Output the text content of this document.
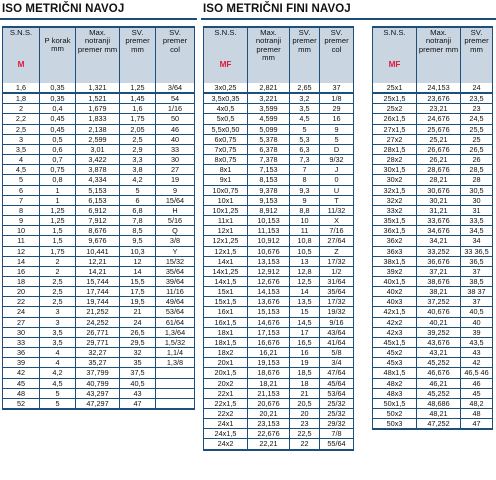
ISO METRIČNI NAVOJ
S.N.S.
M	P korak mm	Max. notranji premer mm	SV. premer mm	SV. premer col
1,6	0,35	1,321	1,25	3/64
1,8	0,35	1,521	1,45	54
2	0,4	1,679	1,6	1/16
2,2	0,45	1,833	1,75	50
2,5	0,45	2,138	2,05	46
3	0,5	2,599	2,5	40
3,5	0,6	3,01	2,9	33
4	0,7	3,422	3,3	30
4,5	0,75	3,878	3,8	27
5	0,8	4,334	4,2	19
6	1	5,153	5	9
7	1	6,153	6	15/64
8	1,25	6,912	6,8	H
9	1,25	7,912	7,8	5/16
10	1,5	8,676	8,5	Q
11	1,5	9,676	9,5	3/8
12	1,75	10,441	10,3	Y
14	2	12,21	12	15/32
16	2	14,21	14	35/64
18	2,5	15,744	15,5	39/64
20	2,5	17,744	17,5	11/16
22	2,5	19,744	19,5	49/64
24	3	21,252	21	53/64
27	3	24,252	24	61/64
30	3,5	26,771	26,5	1,3/64
33	3,5	29,771	29,5	1,5/32
36	4	32,27	32	1,1/4
39	4	35,27	35	1,3/8
42	4,2	37,799	37,5	
45	4,5	40,799	40,5	
48	5	43,297	43	
52	5	47,297	47	
ISO METRIČNI FINI NAVOJ
S.N.S.
MF	Max. notranji premer mm	SV. premer mm	SV. premer col
3x0,25	2,821	2,65	37
3,5x0,35	3,221	3,2	1/8
4x0,5	3,599	3,5	29
5x0,5	4,599	4,5	16
5,5x0,50	5,099	5	9
6x0,75	5,378	5,3	5
7x0,75	6,378	6,3	D
8x0,75	7,378	7,3	9/32
8x1	7,153	7	J
9x1	8,153	8	0
10x0,75	9,378	9,3	U
10x1	9,153	9	T
10x1,25	8,912	8,8	11/32
11x1	10,153	10	X
12x1	11,153	11	7/16
12x1,25	10,912	10,8	27/64
12x1,5	10,676	10,5	Z
14x1	13,153	13	17/32
14x1,25	12,912	12,8	1/2
14x1,5	12,676	12,5	31/64
15x1	14,153	14	35/64
15x1,5	13,676	13,5	17/32
16x1	15,153	15	19/32
16x1,5	14,676	14,5	9/16
18x1	17,153	17	43/64
18x1,5	16,676	16,5	41/64
18x2	16,21	16	5/8
20x1	19,153	19	3/4
20x1,5	18,676	18,5	47/64
20x2	18,21	18	45/64
22x1	21,153	21	53/64
22x1,5	20,676	20,5	25/32
22x2	20,21	20	25/32
24x1	23,153	23	29/32
24x1,5	22,676	22,5	7/8
24x2	22,21	22	55/64
S.N.S.
MF	Max. notranji premer mm	SV. premer mm
25x1	24,153	24
25x1,5	23,676	23,5
25x2	23,21	23
26x1,5	24,676	24,5
27x1,5	25,676	25,5
27x2	25,21	25
28x1,5	26,676	26,5
28x2	26,21	26
30x1,5	28,676	28,5
30x2	28,21	28
32x1,5	30,676	30,5
32x2	30,21	30
33x2	31,21	31
35x1,5	33,676	33,5
36x1,5	34,676	34,5
36x2	34,21	34
36x3	33,252	33 36,5
38x1,5	36,676	36,5
39x2	37,21	37
40x1,5	38,676	38,5
40x2	38,21	38 37
40x3	37,252	37
42x1,5	40,676	40,5
42x2	40,21	40
42x3	39,252	39
45x1,5	43,676	43,5
45x2	43,21	43
45x3	45,252	42
48x1,5	46,676	46,5 46
48x2	46,21	46
48x3	45,252	45
50x1,5	48,686	48,2
50x2	48,21	48
50x3	47,252	47
